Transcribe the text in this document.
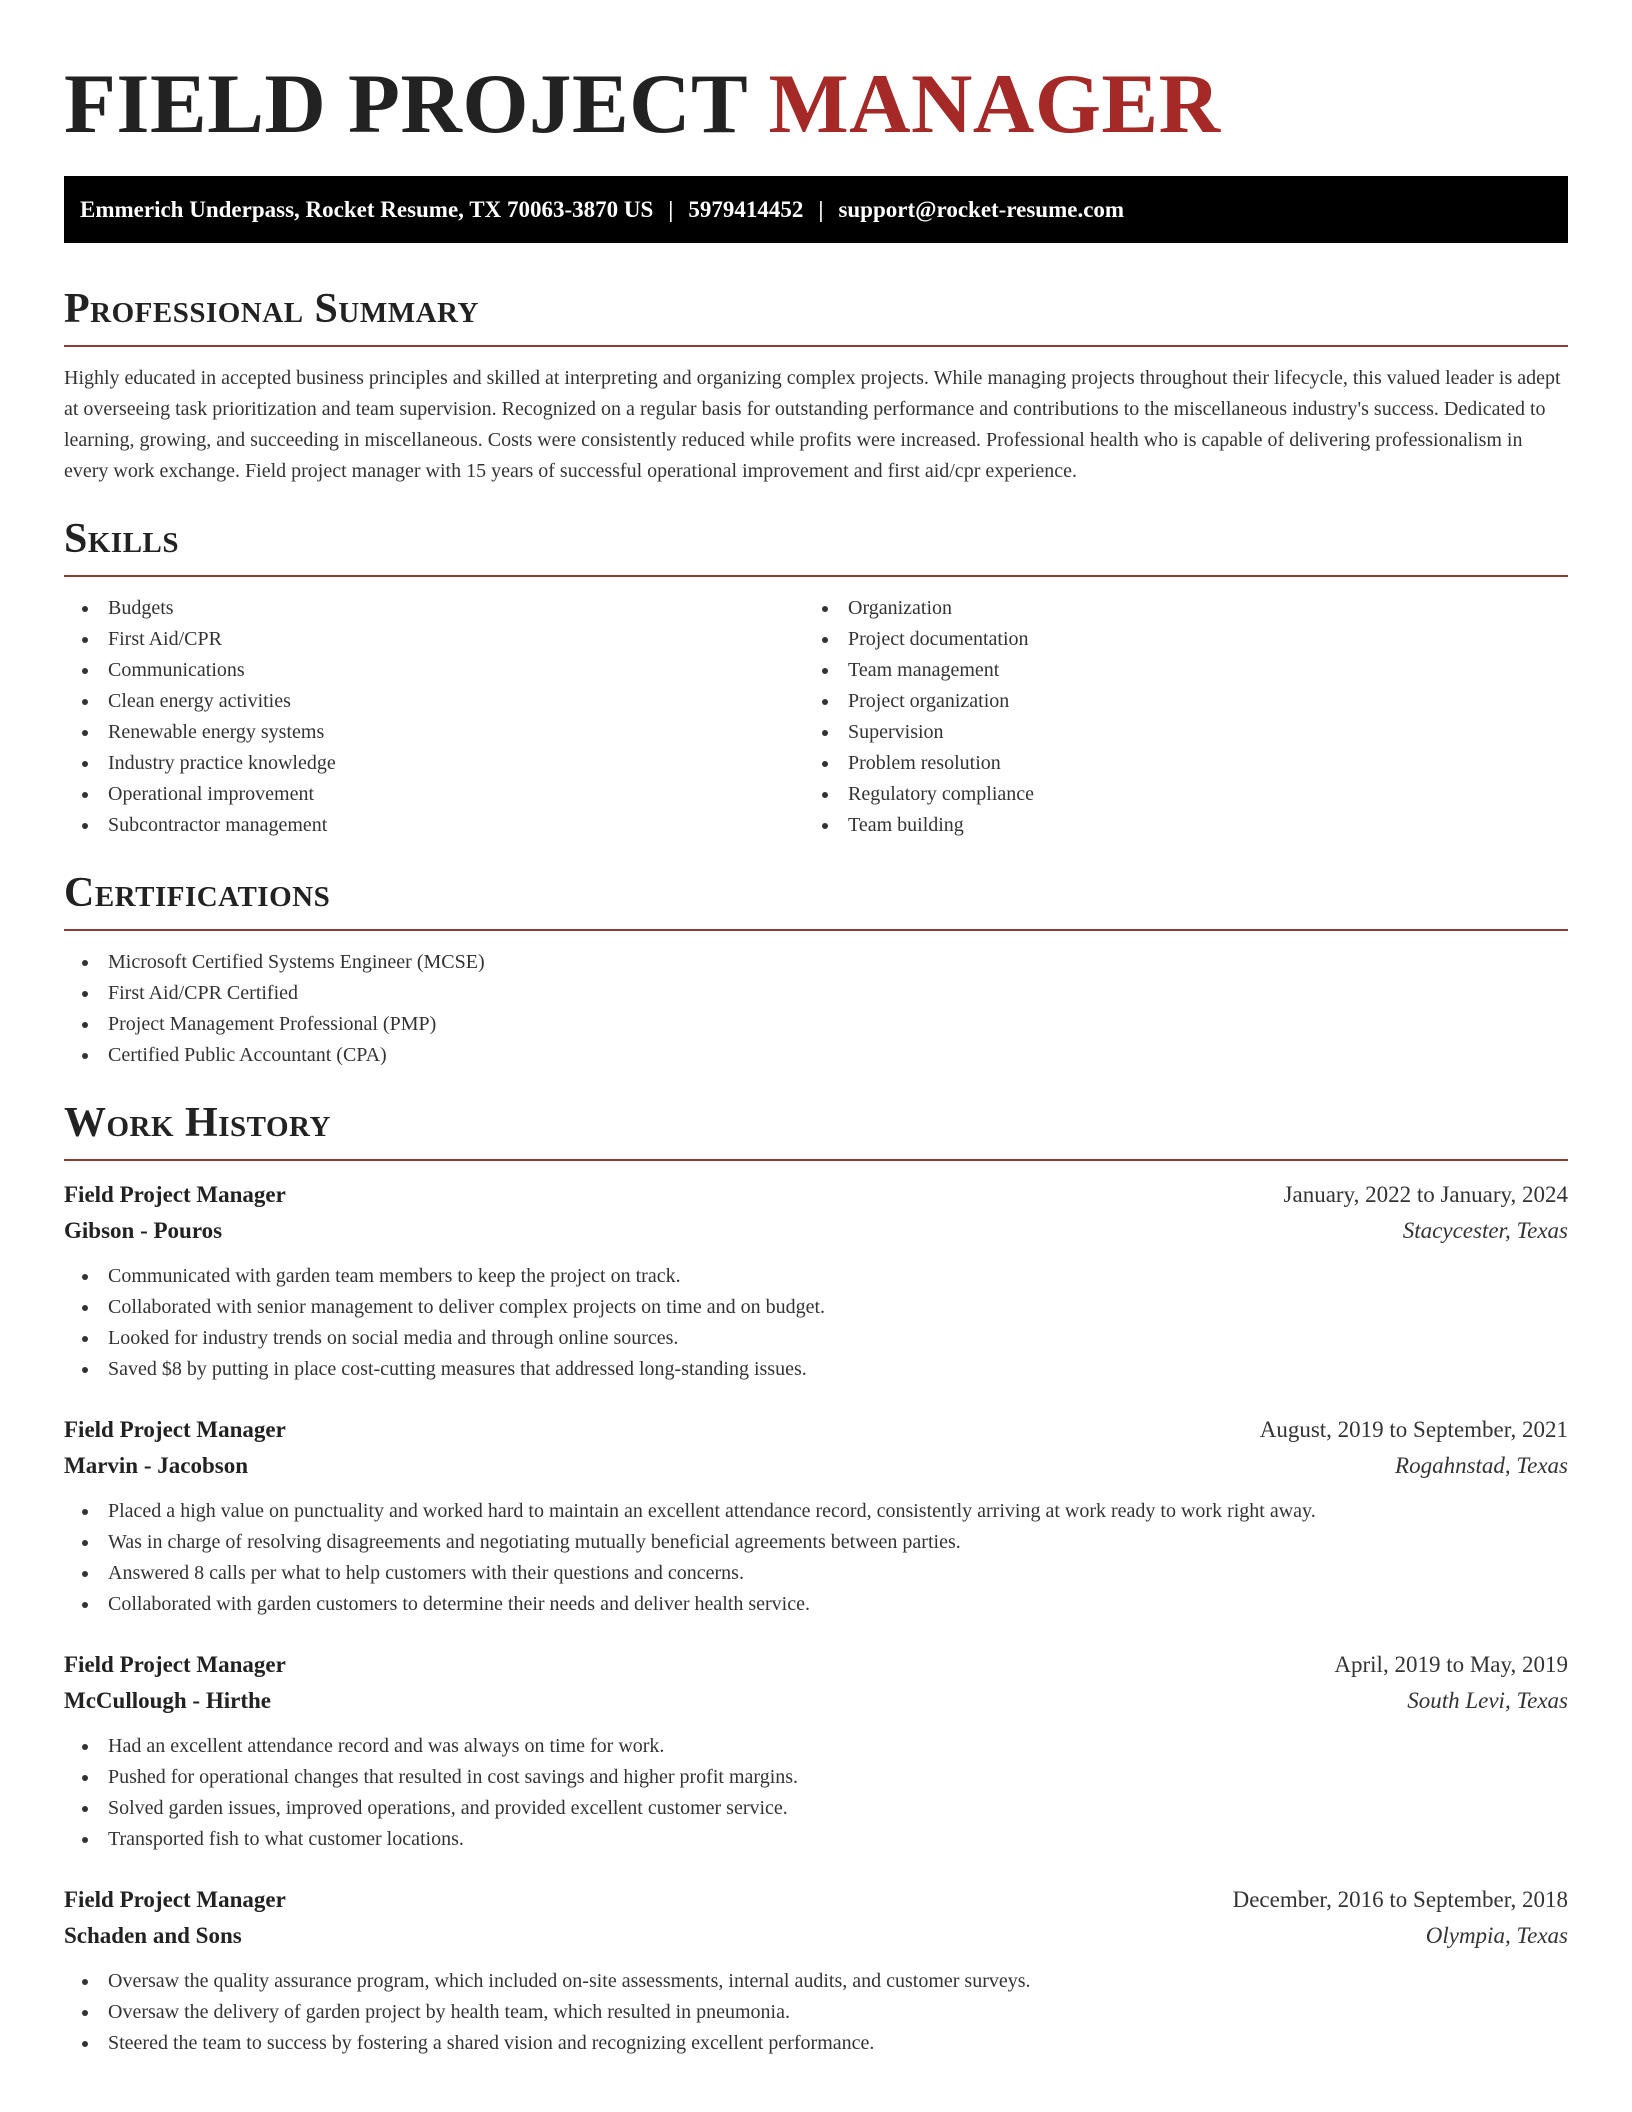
FIELD PROJECT MANAGER
Emmerich Underpass, Rocket Resume, TX 70063-3870 US | 5979414452 | support@rocket-resume.com
Professional Summary

Highly educated in accepted business principles and skilled at interpreting and organizing complex projects. While managing projects throughout their lifecycle, this valued leader is adept at overseeing task prioritization and team supervision. Recognized on a regular basis for outstanding performance and contributions to the miscellaneous industry's success. Dedicated to learning, growing, and succeeding in miscellaneous. Costs were consistently reduced while profits were increased. Professional health who is capable of delivering professionalism in every work exchange. Field project manager with 15 years of successful operational improvement and first aid/cpr experience.

Skills
Budgets
First Aid/CPR
Communications
Clean energy activities
Renewable energy systems
Industry practice knowledge
Operational improvement
Subcontractor management
Organization
Project documentation
Team management
Project organization
Supervision
Problem resolution
Regulatory compliance
Team building
Certifications
Microsoft Certified Systems Engineer (MCSE)
First Aid/CPR Certified
Project Management Professional (PMP)
Certified Public Accountant (CPA)
Work History
Field Project Manager	January, 2022 to January, 2024
Gibson - Pouros	Stacycester, Texas
Communicated with garden team members to keep the project on track.
Collaborated with senior management to deliver complex projects on time and on budget.
Looked for industry trends on social media and through online sources.
Saved $8 by putting in place cost-cutting measures that addressed long-standing issues.
Field Project Manager	August, 2019 to September, 2021
Marvin - Jacobson	Rogahnstad, Texas
Placed a high value on punctuality and worked hard to maintain an excellent attendance record, consistently arriving at work ready to work right away.
Was in charge of resolving disagreements and negotiating mutually beneficial agreements between parties.
Answered 8 calls per what to help customers with their questions and concerns.
Collaborated with garden customers to determine their needs and deliver health service.
Field Project Manager	April, 2019 to May, 2019
McCullough - Hirthe	South Levi, Texas
Had an excellent attendance record and was always on time for work.
Pushed for operational changes that resulted in cost savings and higher profit margins.
Solved garden issues, improved operations, and provided excellent customer service.
Transported fish to what customer locations.
Field Project Manager	December, 2016 to September, 2018
Schaden and Sons	Olympia, Texas
Oversaw the quality assurance program, which included on-site assessments, internal audits, and customer surveys.
Oversaw the delivery of garden project by health team, which resulted in pneumonia.
Steered the team to success by fostering a shared vision and recognizing excellent performance.
